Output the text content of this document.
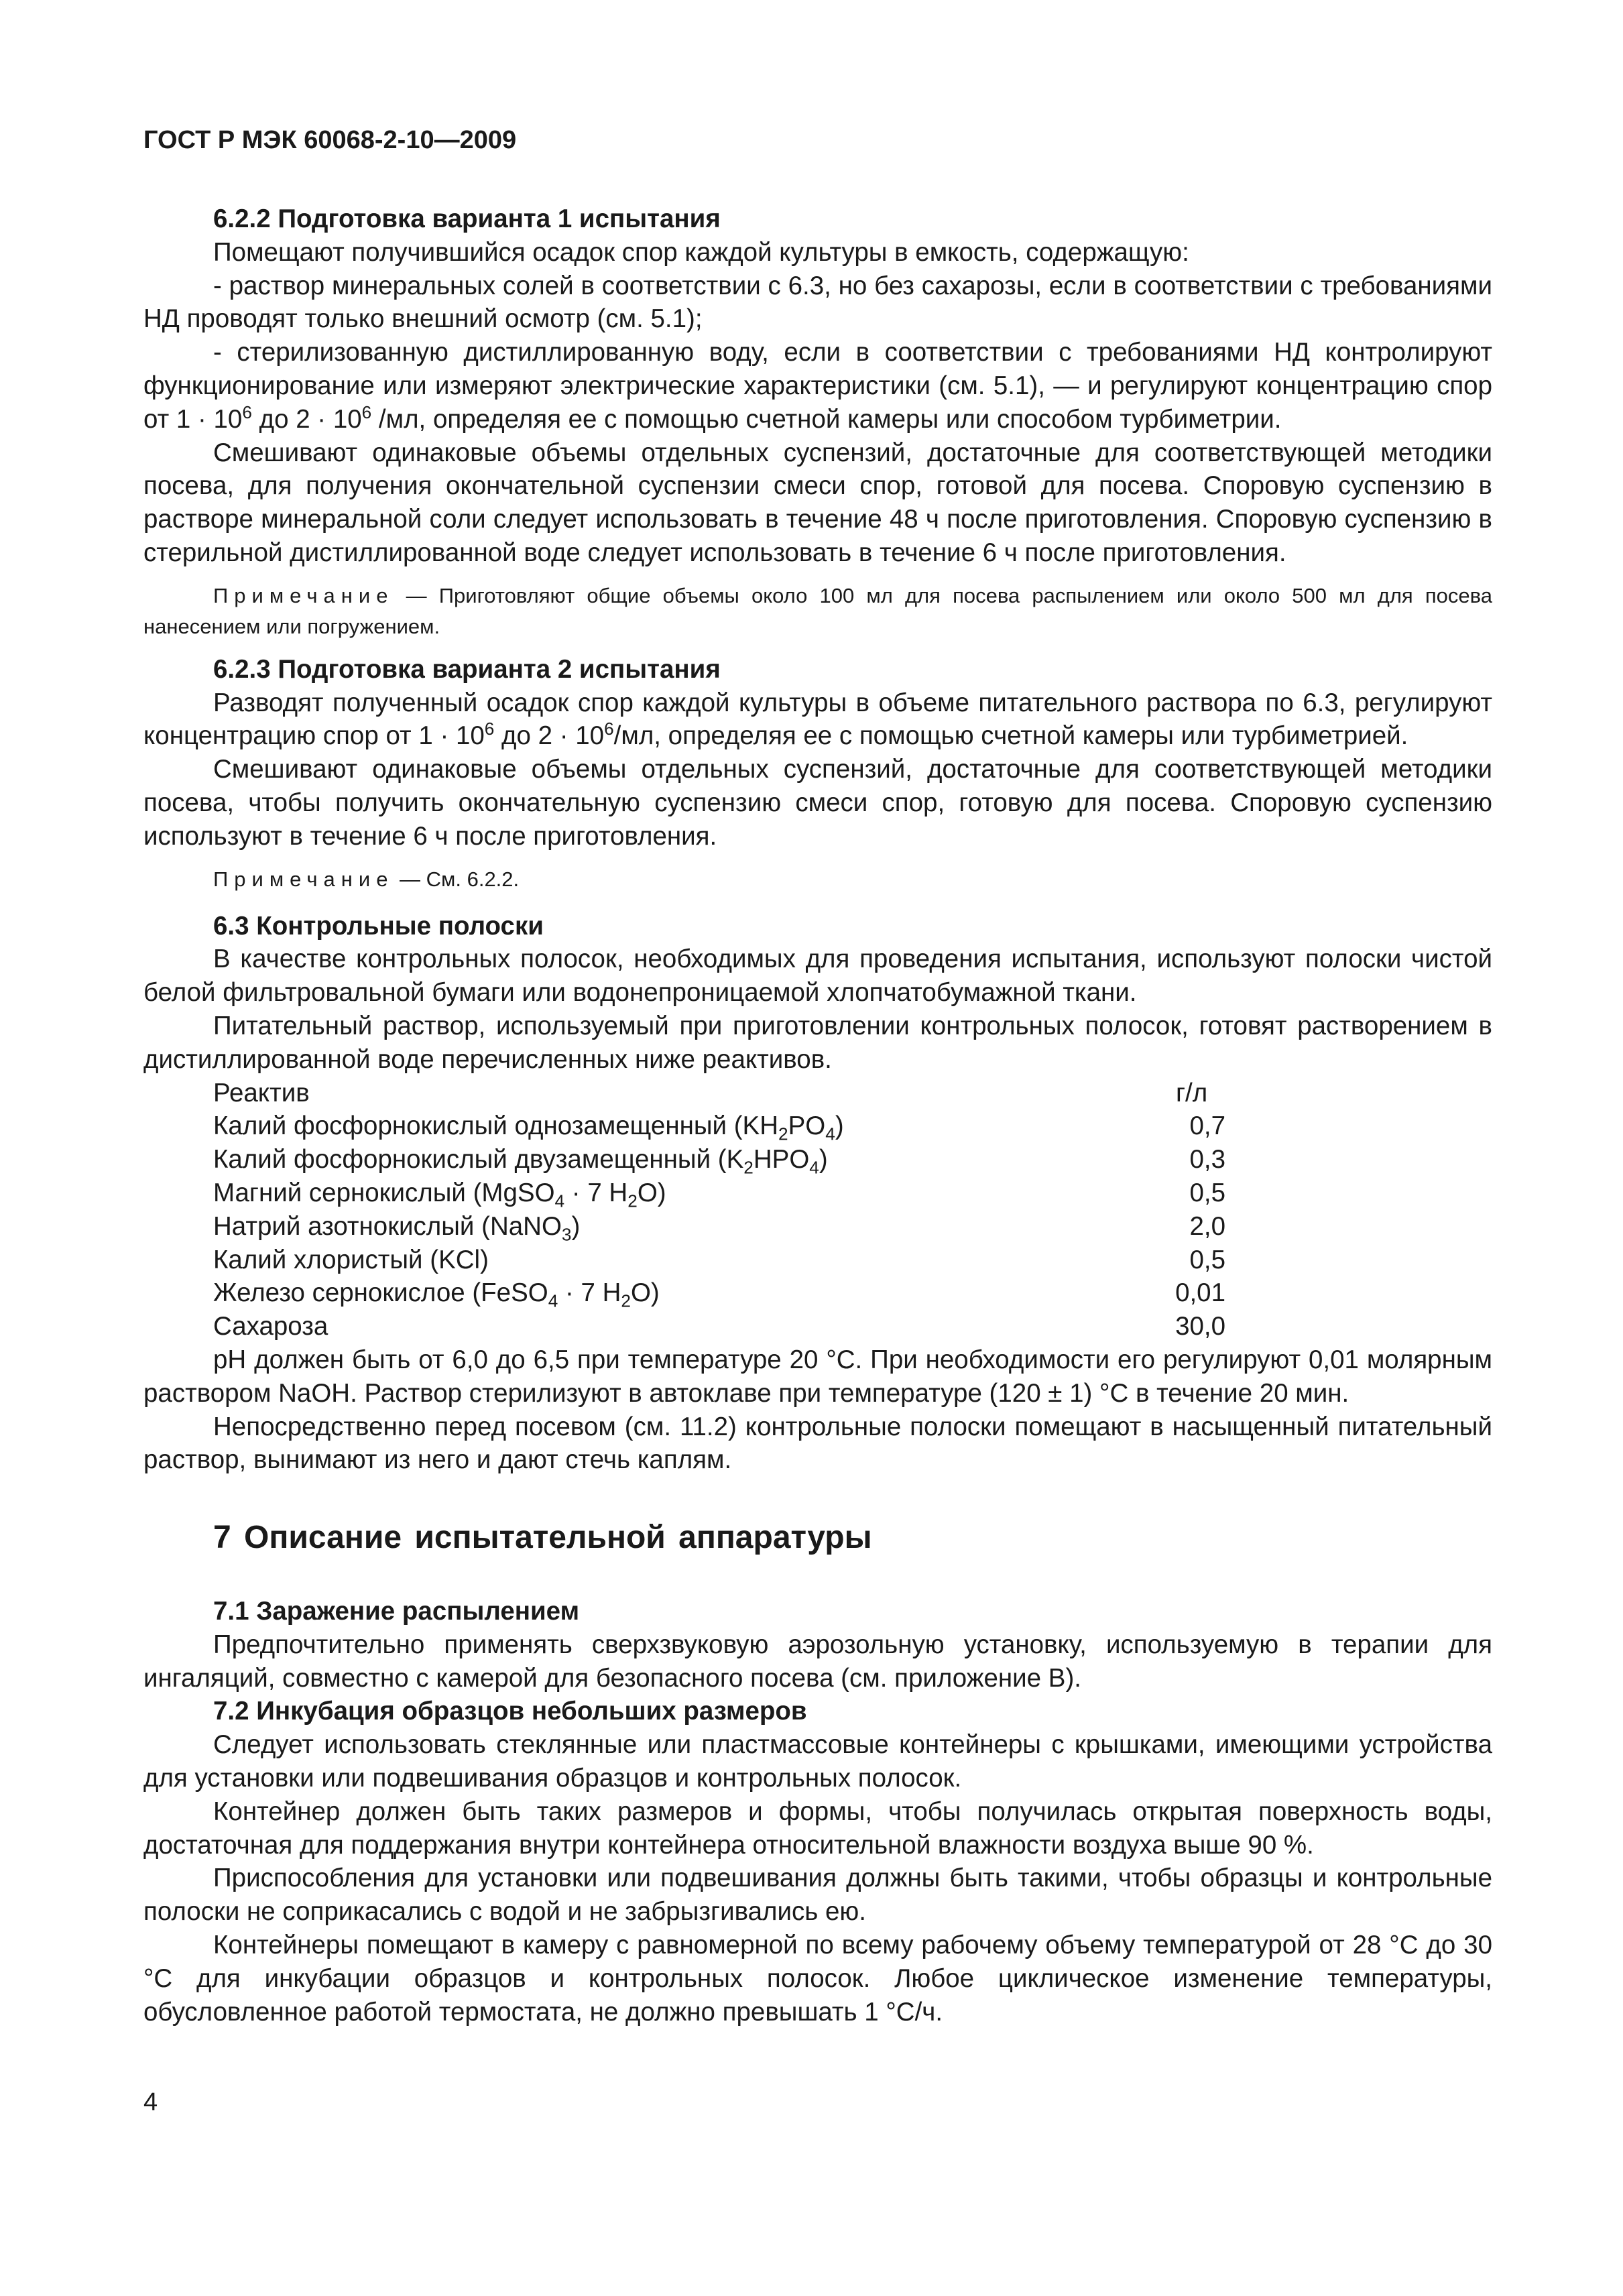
ГОСТ Р МЭК 60068-2-10—2009

6.2.2 Подготовка варианта 1 испытания

Помещают получившийся осадок спор каждой культуры в емкость, содержащую:

- раствор минеральных солей в соответствии с 6.3, но без сахарозы, если в соответствии с требованиями НД проводят только внешний осмотр (см. 5.1);

- стерилизованную дистиллированную воду, если в соответствии с требованиями НД контролируют функционирование или измеряют электрические характеристики (см. 5.1), — и регулируют концентрацию спор от $1 \cdot 10^6$ до $2 \cdot 10^6$ /мл, определяя ее с помощью счетной камеры или способом турбиметрии.

Смешивают одинаковые объемы отдельных суспензий, достаточные для соответствующей методики посева, для получения окончательной суспензии смеси спор, готовой для посева. Споровую суспензию в растворе минеральной соли следует использовать в течение 48 ч после приготовления. Споровую суспензию в стерильной дистиллированной воде следует использовать в течение 6 ч после приготовления.

Примечание — Приготовляют общие объемы около 100 мл для посева распылением или около 500 мл для посева нанесением или погружением.

6.2.3 Подготовка варианта 2 испытания

Разводят полученный осадок спор каждой культуры в объеме питательного раствора по 6.3, регулируют концентрацию спор от $1 \cdot 10^6$ до $2 \cdot 10^6/мл$, определяя ее с помощью счетной камеры или турбиметрией.

Смешивают одинаковые объемы отдельных суспензий, достаточные для соответствующей методики посева, чтобы получить окончательную суспензию смеси спор, готовую для посева. Споровую суспензию используют в течение 6 ч после приготовления.

Примечание — См. 6.2.2.

6.3 Контрольные полоски

В качестве контрольных полосок, необходимых для проведения испытания, используют полоски чистой белой фильтровальной бумаги или водонепроницаемой хлопчатобумажной ткани.

Питательный раствор, используемый при приготовлении контрольных полосок, готовят растворением в дистиллированной воде перечисленных ниже реактивов.

Реактив	г/л
Калий фосфорнокислый однозамещенный $(KH_2PO_4)$	0,7
Калий фосфорнокислый двузамещенный $(K_2HPO_4)$	0,3
Магний сернокислый (MgSO$_4$ · 7 $H_2O$)	0,5
Натрий азотнокислый (NaNO$_3$)	2,0
Калий хлористый (KCl)	0,5
Железо сернокислое (FeSO$_4$ · 7 $H_2O$)	0,01
Сахароза	30,0

pH должен быть от 6,0 до 6,5 при температуре 20 °С. При необходимости его регулируют 0,01 молярным раствором NaOH. Раствор стерилизуют в автоклаве при температуре (120 ± 1) °С в течение 20 мин.

Непосредственно перед посевом (см. 11.2) контрольные полоски помещают в насыщенный питательный раствор, вынимают из него и дают стечь каплям.

7 Описание испытательной аппаратуры

7.1 Заражение распылением

Предпочтительно применять сверхзвуковую аэрозольную установку, используемую в терапии для ингаляций, совместно с камерой для безопасного посева (см. приложение В).

7.2 Инкубация образцов небольших размеров

Следует использовать стеклянные или пластмассовые контейнеры с крышками, имеющими устройства для установки или подвешивания образцов и контрольных полосок.

Контейнер должен быть таких размеров и формы, чтобы получилась открытая поверхность воды, достаточная для поддержания внутри контейнера относительной влажности воздуха выше 90 %.

Приспособления для установки или подвешивания должны быть такими, чтобы образцы и контрольные полоски не соприкасались с водой и не забрызгивались ею.

Контейнеры помещают в камеру с равномерной по всему рабочему объему температурой от 28 °С до 30 °С для инкубации образцов и контрольных полосок. Любое циклическое изменение температуры, обусловленное работой термостата, не должно превышать 1 °С/ч.

4
